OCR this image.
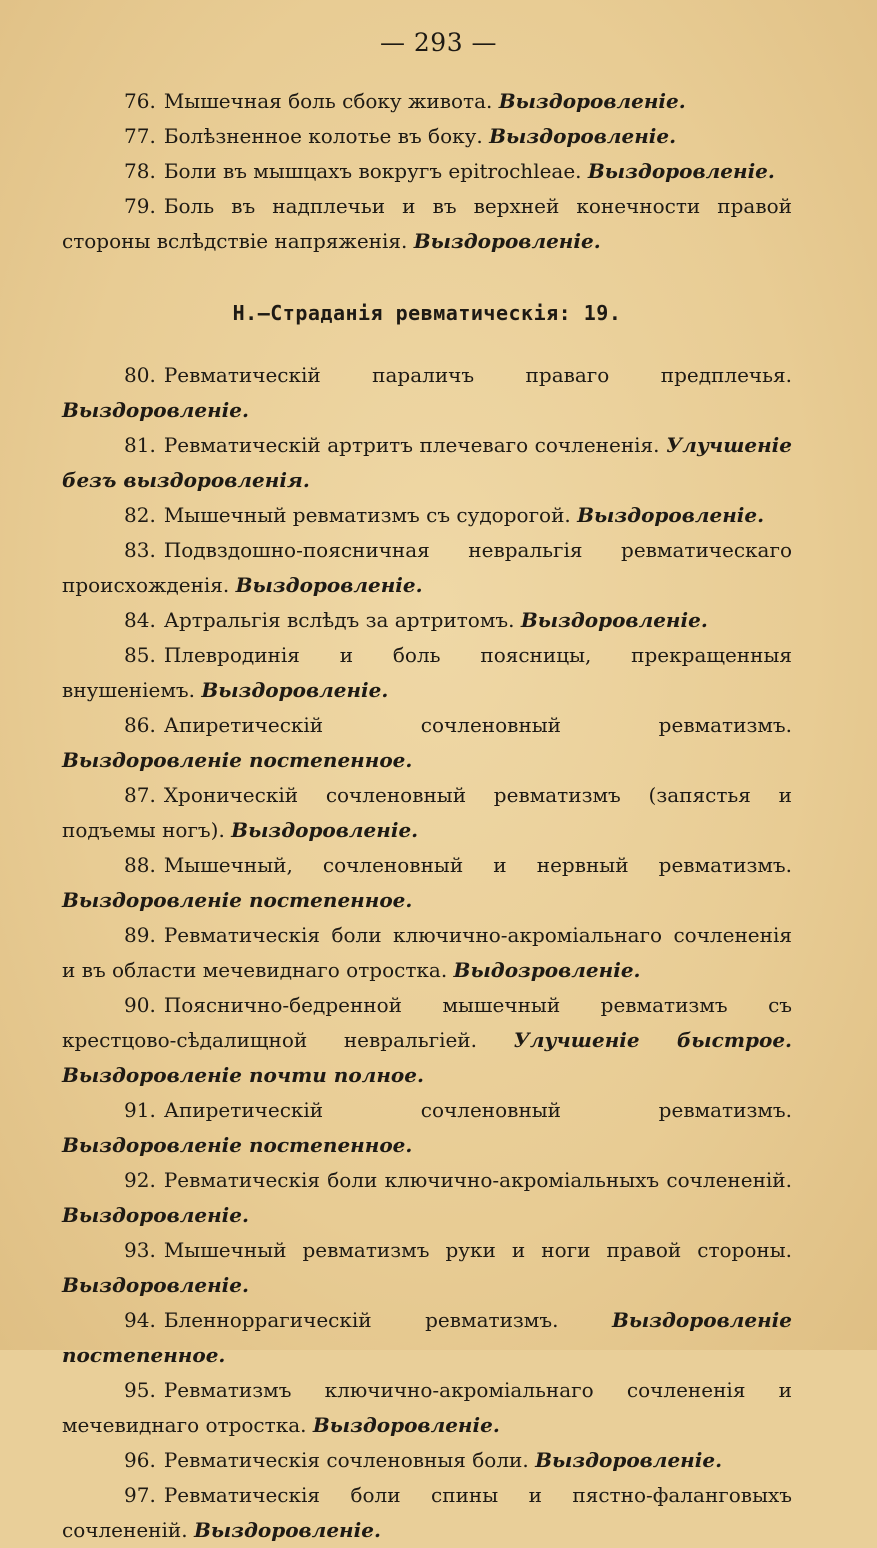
— 293 —

76. Мышечная боль сбоку живота. Выздоровленіе.

77. Болѣзненное колотье въ боку. Выздоровленіе.

78. Боли въ мышцахъ вокругъ epitrochleae. Выздоровленіе.

79. Боль въ надплечьи и въ верхней конечности правой стороны вслѣдствіе напряженія. Выздоровленіе.

Н.—Страданія ревматическія: 19.

80. Ревматическій параличъ праваго предплечья. Выздоровленіе.

81. Ревматическій артритъ плечеваго сочлененія. Улучшеніе безъ выздоровленія.

82. Мышечный ревматизмъ съ судорогой. Выздоровленіе.

83. Подвздошно-поясничная невральгія ревматическаго происхожденія. Выздоровленіе.

84. Артральгія вслѣдъ за артритомъ. Выздоровленіе.

85. Плевродинія и боль поясницы, прекращенныя внушеніемъ. Выздоровленіе.

86. Апиретическій сочленовный ревматизмъ. Выздоровленіе постепенное.

87. Хроническій сочленовный ревматизмъ (запястья и подъемы ногъ). Выздоровленіе.

88. Мышечный, сочленовный и нервный ревматизмъ. Выздоровленіе постепенное.

89. Ревматическія боли ключично-акроміальнаго сочлененія и въ области мечевиднаго отростка. Выдозровленіе.

90. Пояснично-бедренной мышечный ревматизмъ съ крестцово-сѣдалищной невральгіей. Улучшеніе быстрое. Выздоровленіе почти полное.

91. Апиретическій сочленовный ревматизмъ. Выздоровленіе постепенное.

92. Ревматическія боли ключично-акроміальныхъ сочлененій. Выздоровленіе.

93. Мышечный ревматизмъ руки и ноги правой стороны. Выздоровленіе.

94. Бленноррагическій ревматизмъ.	Выздоровленіе постепенное.

95. Ревматизмъ ключично-акроміальнаго сочлененія и мечевиднаго отростка. Выздоровленіе.

96. Ревматическія сочленовныя боли. Выздоровленіе.

97. Ревматическія боли спины и пястно-фаланговыхъ сочлененій. Выздоровленіе.
